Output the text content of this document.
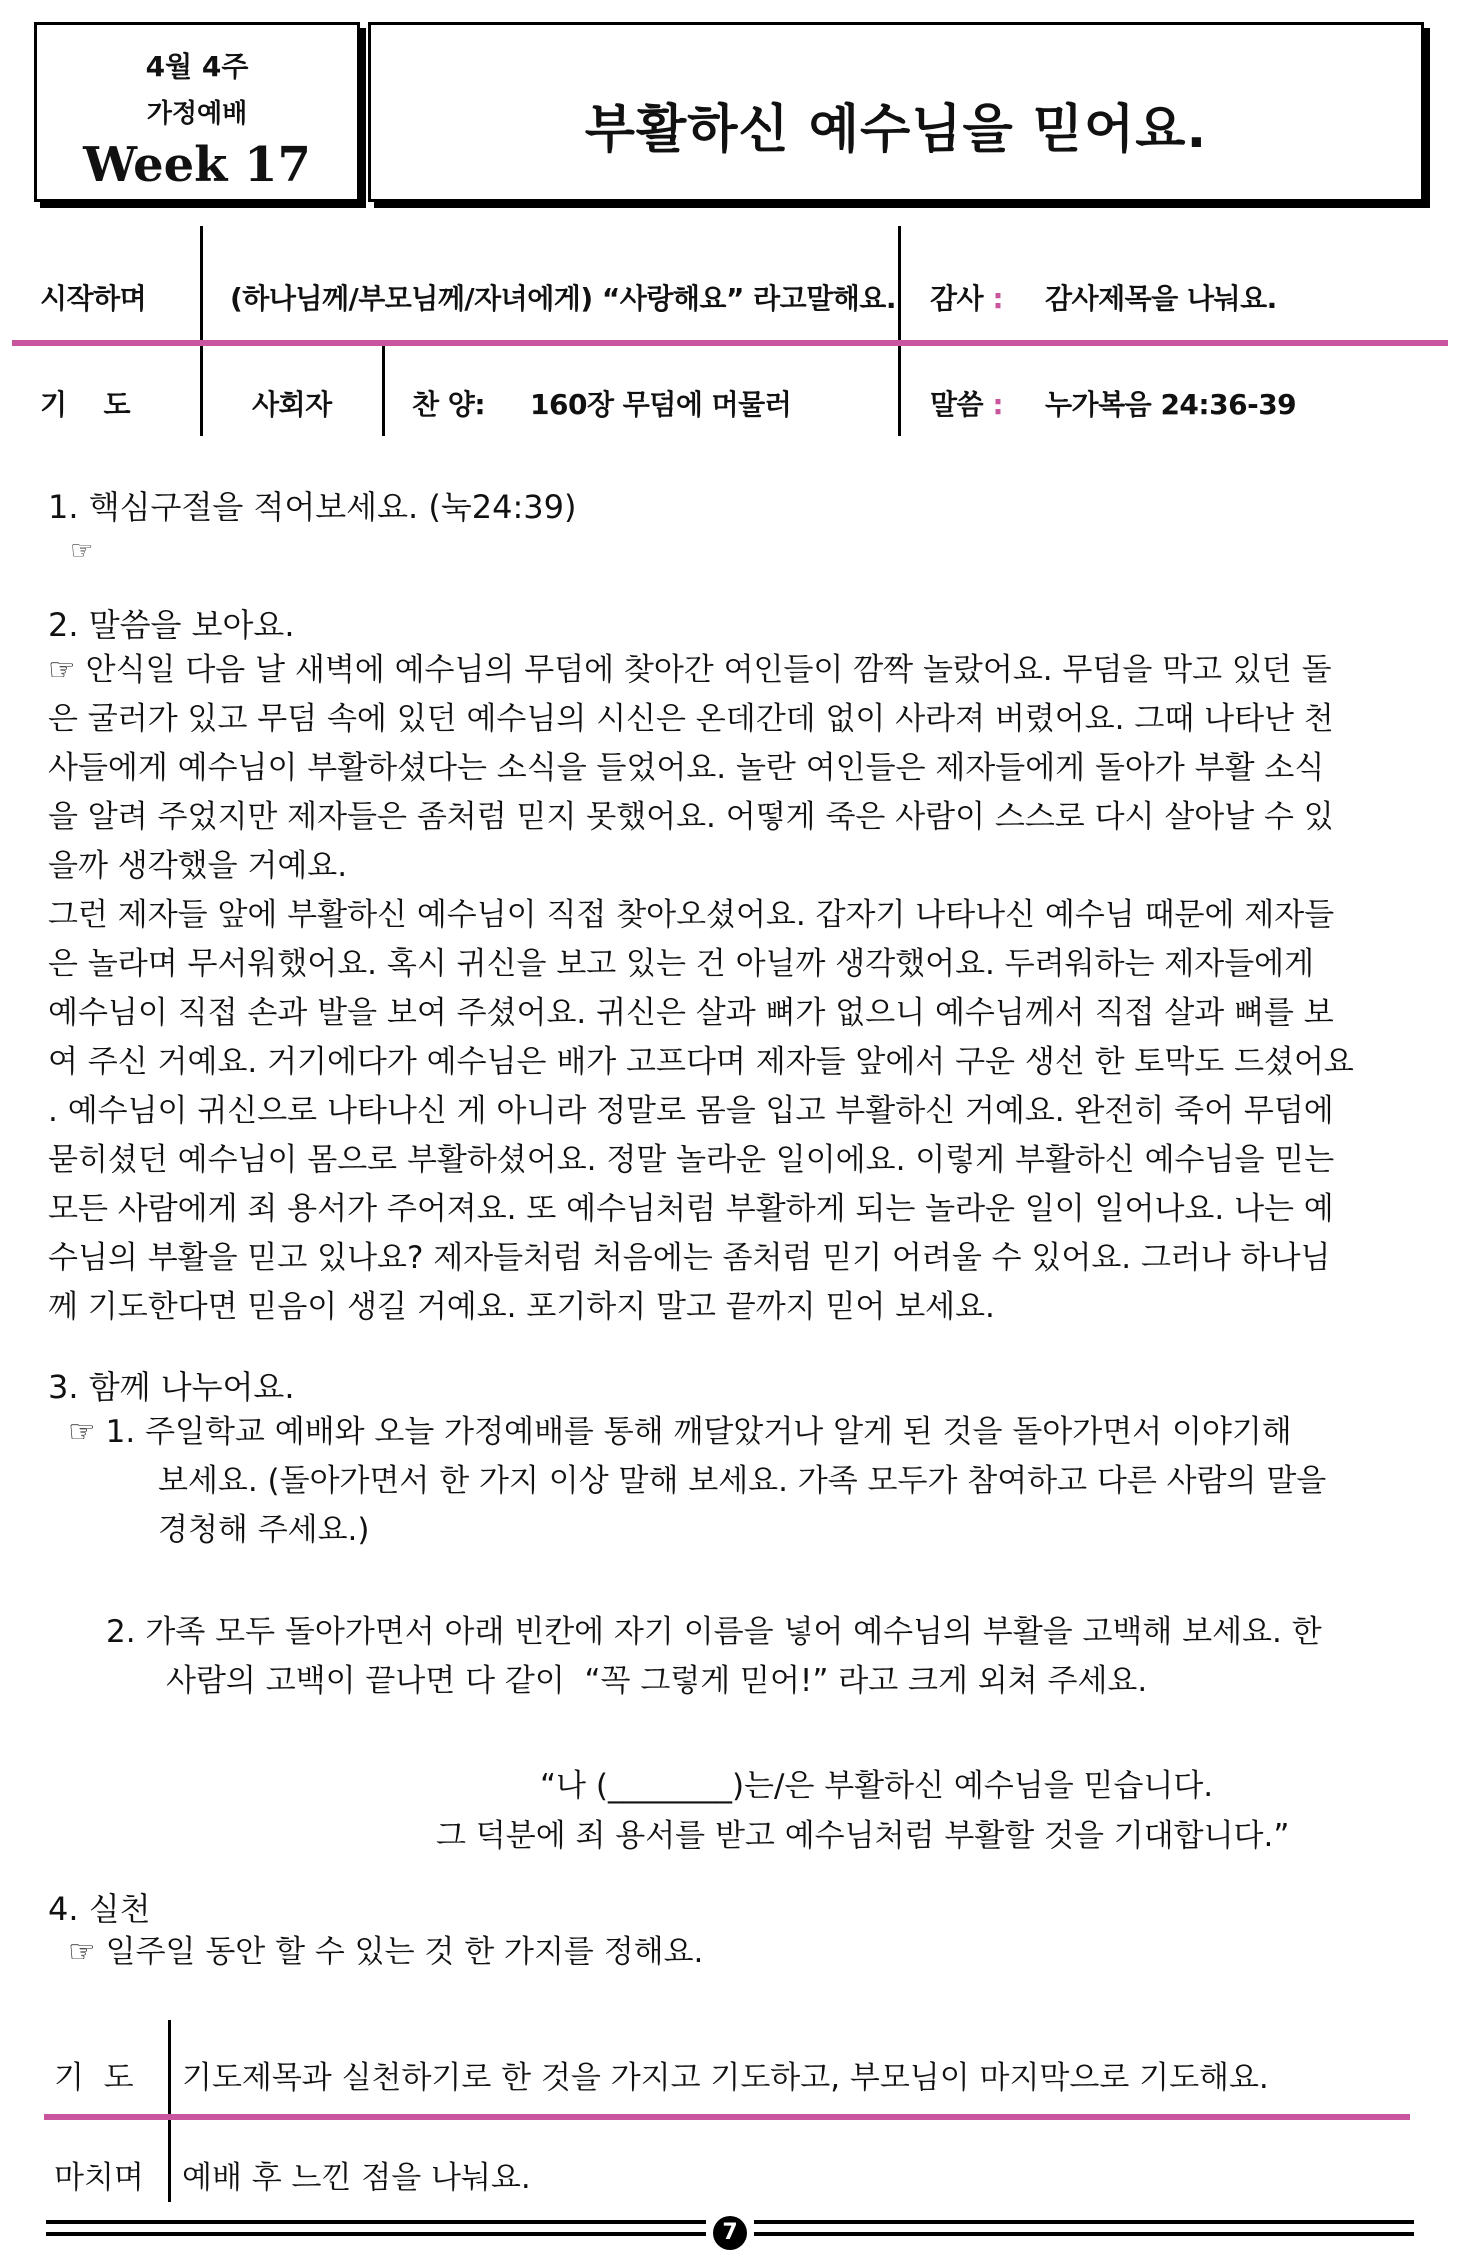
4월 4주
가정예배
Week 17
부활하신 예수님을 믿어요.
시작하며	(하나님께/부모님께/자녀에게) “사랑해요” 라고말해요. 감사 : 감사제목을 나눠요.
기    도	사회자	찬 양: 160장 무덤에 머물러	말씀 : 누가복음 24:36-39
1. 핵심구절을 적어보세요. (눅24:39)
☞
2. 말씀을 보아요.
☞ 안식일 다음 날 새벽에 예수님의 무덤에 찾아간 여인들이 깜짝 놀랐어요. 무덤을 막고 있던 돌
은 굴러가 있고 무덤 속에 있던 예수님의 시신은 온데간데 없이 사라져 버렸어요. 그때 나타난 천
사들에게 예수님이 부활하셨다는 소식을 들었어요. 놀란 여인들은 제자들에게 돌아가 부활 소식
을 알려 주었지만 제자들은 좀처럼 믿지 못했어요. 어떻게 죽은 사람이 스스로 다시 살아날 수 있
을까 생각했을 거예요.
그런 제자들 앞에 부활하신 예수님이 직접 찾아오셨어요. 갑자기 나타나신 예수님 때문에 제자들
은 놀라며 무서워했어요. 혹시 귀신을 보고 있는 건 아닐까 생각했어요. 두려워하는 제자들에게
예수님이 직접 손과 발을 보여 주셨어요. 귀신은 살과 뼈가 없으니 예수님께서 직접 살과 뼈를 보
여 주신 거예요. 거기에다가 예수님은 배가 고프다며 제자들 앞에서 구운 생선 한 토막도 드셨어요
. 예수님이 귀신으로 나타나신 게 아니라 정말로 몸을 입고 부활하신 거예요. 완전히 죽어 무덤에
묻히셨던 예수님이 몸으로 부활하셨어요. 정말 놀라운 일이에요. 이렇게 부활하신 예수님을 믿는
모든 사람에게 죄 용서가 주어져요. 또 예수님처럼 부활하게 되는 놀라운 일이 일어나요. 나는 예
수님의 부활을 믿고 있나요? 제자들처럼 처음에는 좀처럼 믿기 어려울 수 있어요. 그러나 하나님
께 기도한다면 믿음이 생길 거예요. 포기하지 말고 끝까지 믿어 보세요.
3. 함께 나누어요.
☞ 1. 주일학교 예배와 오늘 가정예배를 통해 깨달았거나 알게 된 것을 돌아가면서 이야기해
보세요. (돌아가면서 한 가지 이상 말해 보세요. 가족 모두가 참여하고 다른 사람의 말을
경청해 주세요.)
2. 가족 모두 돌아가면서 아래 빈칸에 자기 이름을 넣어 예수님의 부활을 고백해 보세요. 한
사람의 고백이 끝나면 다 같이  “꼭 그렇게 믿어!” 라고 크게 외쳐 주세요.
“나 (________)는/은 부활하신 예수님을 믿습니다.
그 덕분에 죄 용서를 받고 예수님처럼 부활할 것을 기대합니다.”
4. 실천
☞ 일주일 동안 할 수 있는 것 한 가지를 정해요.
기  도 기도제목과 실천하기로 한 것을 가지고 기도하고, 부모님이 마지막으로 기도해요.
마치며 예배 후 느낀 점을 나눠요.
7
